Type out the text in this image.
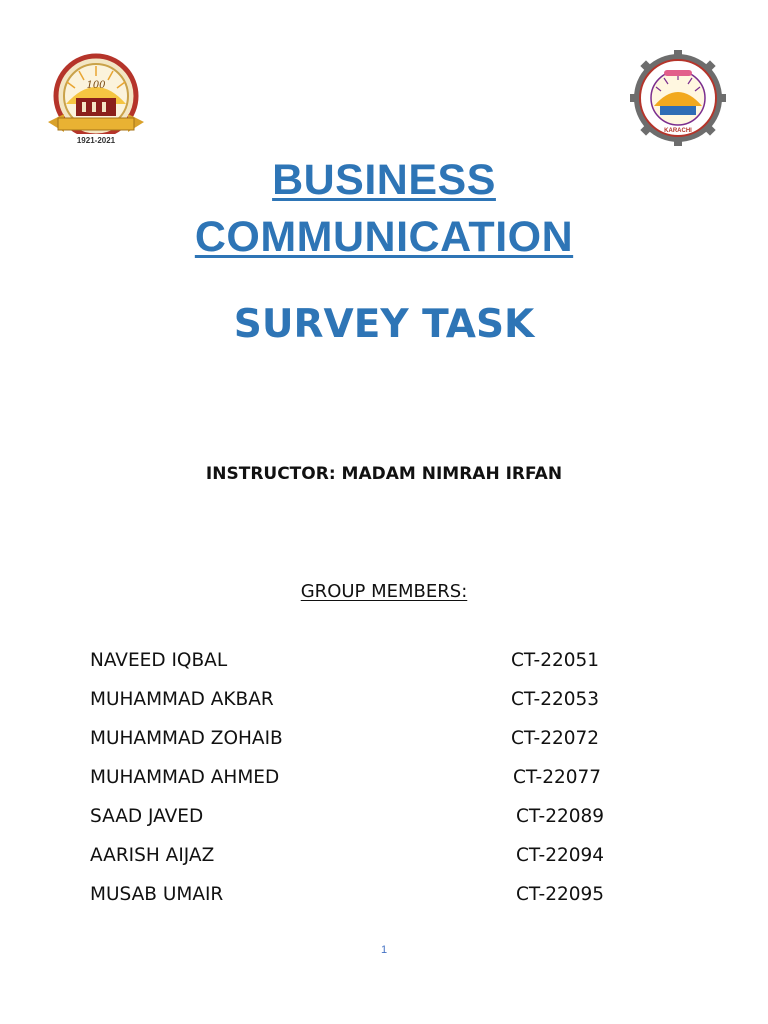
100
1921-2021
KARACHI
BUSINESS
COMMUNICATION
SURVEY TASK
INSTRUCTOR: MADAM NIMRAH IRFAN
GROUP MEMBERS:
NAVEED IQBAL	CT-22051
MUHAMMAD AKBAR	CT-22053
MUHAMMAD ZOHAIB	CT-22072
MUHAMMAD AHMED	CT-22077
SAAD JAVED	CT-22089
AARISH AIJAZ	CT-22094
MUSAB UMAIR	CT-22095
1
